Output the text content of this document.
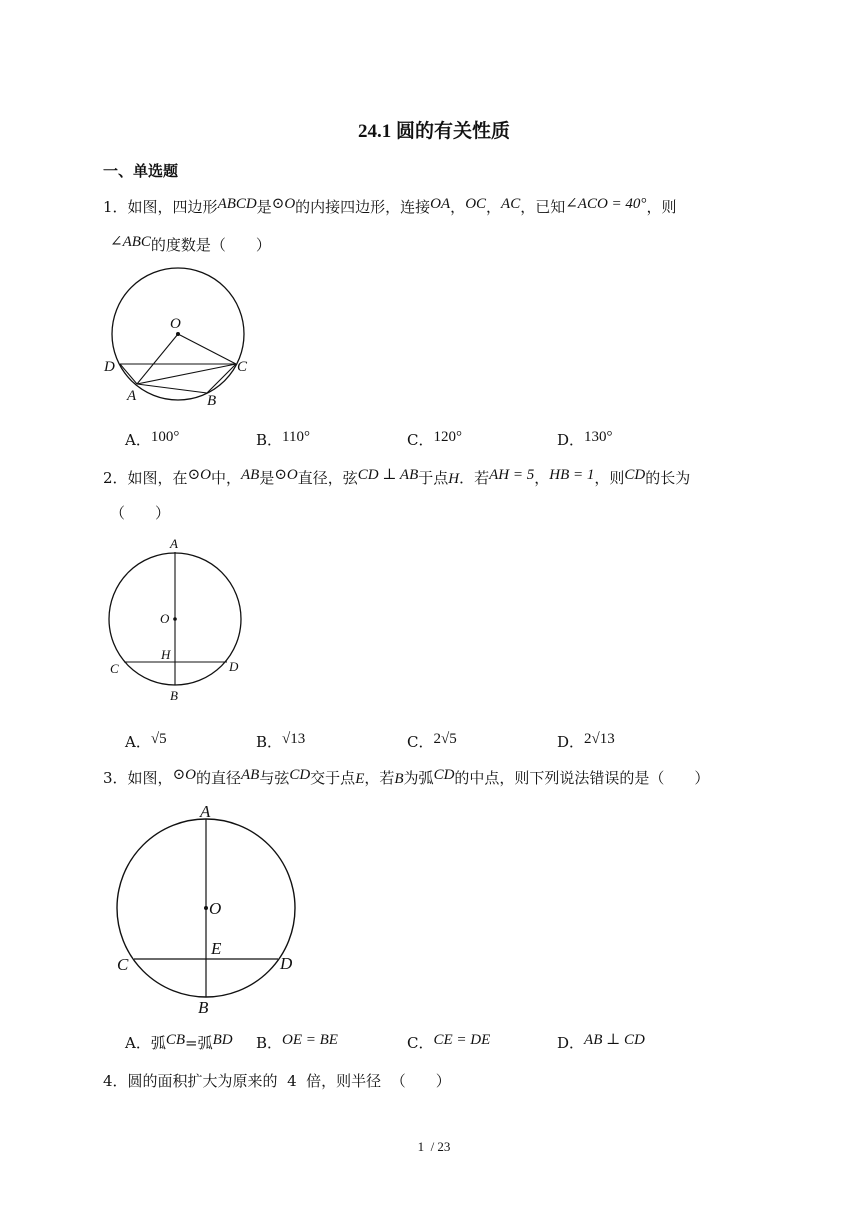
24.1 圆的有关性质
一、单选题
1．如图，四边形ABCD是⊙O的内接四边形，连接OA，OC，AC，已知∠ACO = 40°，则
∠ABC的度数是（　　）
O
D	C
A	B
A
O
H
C	D
B
A
O
E
C	D
B
A．100°	B．110°	C．120°	D．130°
2．如图，在⊙O中，AB是⊙O直径，弦CD ⊥ AB于点H．若AH = 5，HB = 1，则CD的长为
（　　）
A．√5	B．√13	C．2√5	D．2√13
3．如图，⊙O的直径AB与弦CD交于点E，若B为弧CD的中点，则下列说法错误的是（　　）
A．弧CB=弧BD B．OE = BE	C．CE = DE	D．AB ⊥ CD
4．圆的面积扩大为原来的  4  倍，则半径  （　　）
1  / 23
